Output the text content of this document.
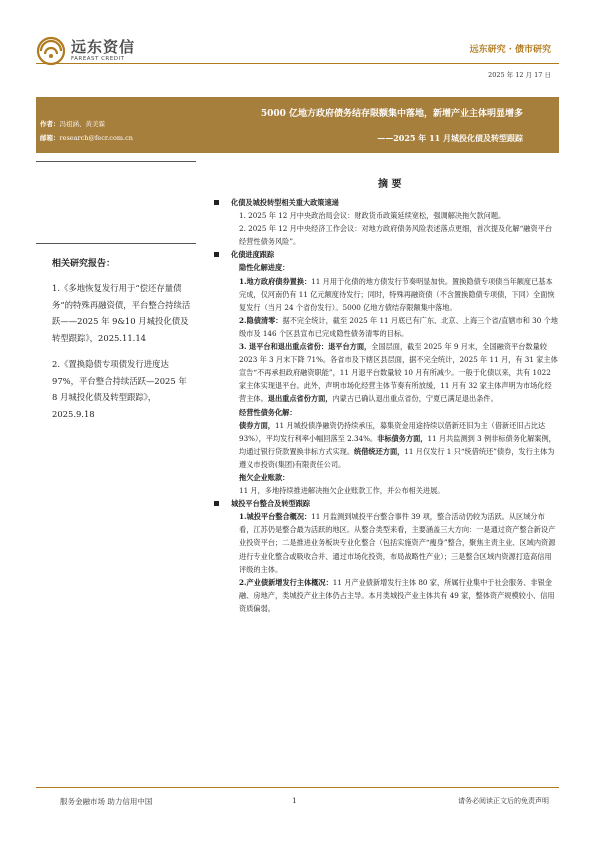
远东资信
FAREAST CREDIT
远东研究 · 债市研究
2025 年 12 月 17 日
5000 亿地方政府债务结存限额集中落地，新增产业主体明显增多
——2025 年 11 月城投化债及转型跟踪
作者：冯祖涵、黄美霖
邮箱：research@fecr.com.cn
相关研究报告：
1.《多地恢复发行用于“偿还存量债务”的特殊再融资债，平台整合持续活跃——2025 年 9&10 月城投化债及转型跟踪》，2025.11.14
2.《置换隐债专项债发行进度达 97%，平台整合持续活跃—2025 年 8 月城投化债及转型跟踪》，2025.9.18
摘 要
化债及城投转型相关重大政策速递

1. 2025 年 12 月中央政治局会议：财政货币政策延续宽松，强调解决拖欠款问题。

2. 2025 年 12 月中央经济工作会议：对地方政府债务风险表述落点更细，首次提及化解“融资平台经营性债务风险”。

化债进度跟踪

隐性化解进度：

1.地方政府债券置换：11 月用于化债的地方债发行节奏明显加快。置换隐债专项债当年额度已基本完成，仅河南仍有 11 亿元额度待发行；同时，特殊再融资债（不含置换隐债专项债，下同）全面恢复发行（当月 24 个省份发行）。5000 亿地方债结存限额集中落地。

2.隐债清零：据不完全统计，截至 2025 年 11 月底已有广东、北京、上海三个省/直辖市和 30 个地级市及 146 个区县宣布已完成隐性债务清零的目标。

3. 退平台和退出重点省份：退平台方面，全国层面，截至 2025 年 9 月末，全国融资平台数量较 2023 年 3 月末下降 71%。各省市及下辖区县层面，据不完全统计，2025 年 11 月，有 31 家主体宣告“不再承担政府融资职能”，11 月退平台数量较 10 月有所减少。一般于化债以来，共有 1022 家主体实现退平台。此外，声明市场化经营主体节奏有所放缓，11 月有 32 家主体声明为市场化经营主体。退出重点省份方面，内蒙古已确认退出重点省份，宁夏已满足退出条件。

经营性债务化解：

债券方面，11 月城投债净融资仍持续承压，募集资金用途持续以借新还旧为主（借新还旧占比达 93%），平均发行利率小幅回落至 2.34%。非标债务方面，11 月共监测到 3 例非标债务化解案例，均通过银行贷款置换非标方式实现。统借统还方面，11 月仅发行 1 只“统借统还”债券，发行主体为遵义市投资(集团)有限责任公司。

拖欠企业账款：

11 月，多地持续推进解决拖欠企业账款工作，并公布相关进展。

城投平台整合及转型跟踪

1.城投平台整合概况：11 月监测到城投平台整合事件 39 项，整合活动仍较为活跃。从区域分布看，江苏仍是整合最为活跃的地区。从整合类型来看，主要涵盖三大方向：一是通过资产整合新设产业投资平台；二是推进业务板块专业化整合（包括实施资产“瘦身”整合，聚焦主责主业、区域内资源进行专业化整合或吸收合并、通过市场化投资，布局战略性产业）；三是整合区域内资源打造高信用评级的主体。

2.产业债新增发行主体概况：11 月产业债新增发行主体 80 家，所属行业集中于社会服务、非银金融、房地产，类城投产业主体仍占主导。本月类城投产业主体共有 49 家，整体资产规模较小、信用资质偏弱。

服务金融市场 助力信用中国	1	请务必阅读正文后的免责声明
